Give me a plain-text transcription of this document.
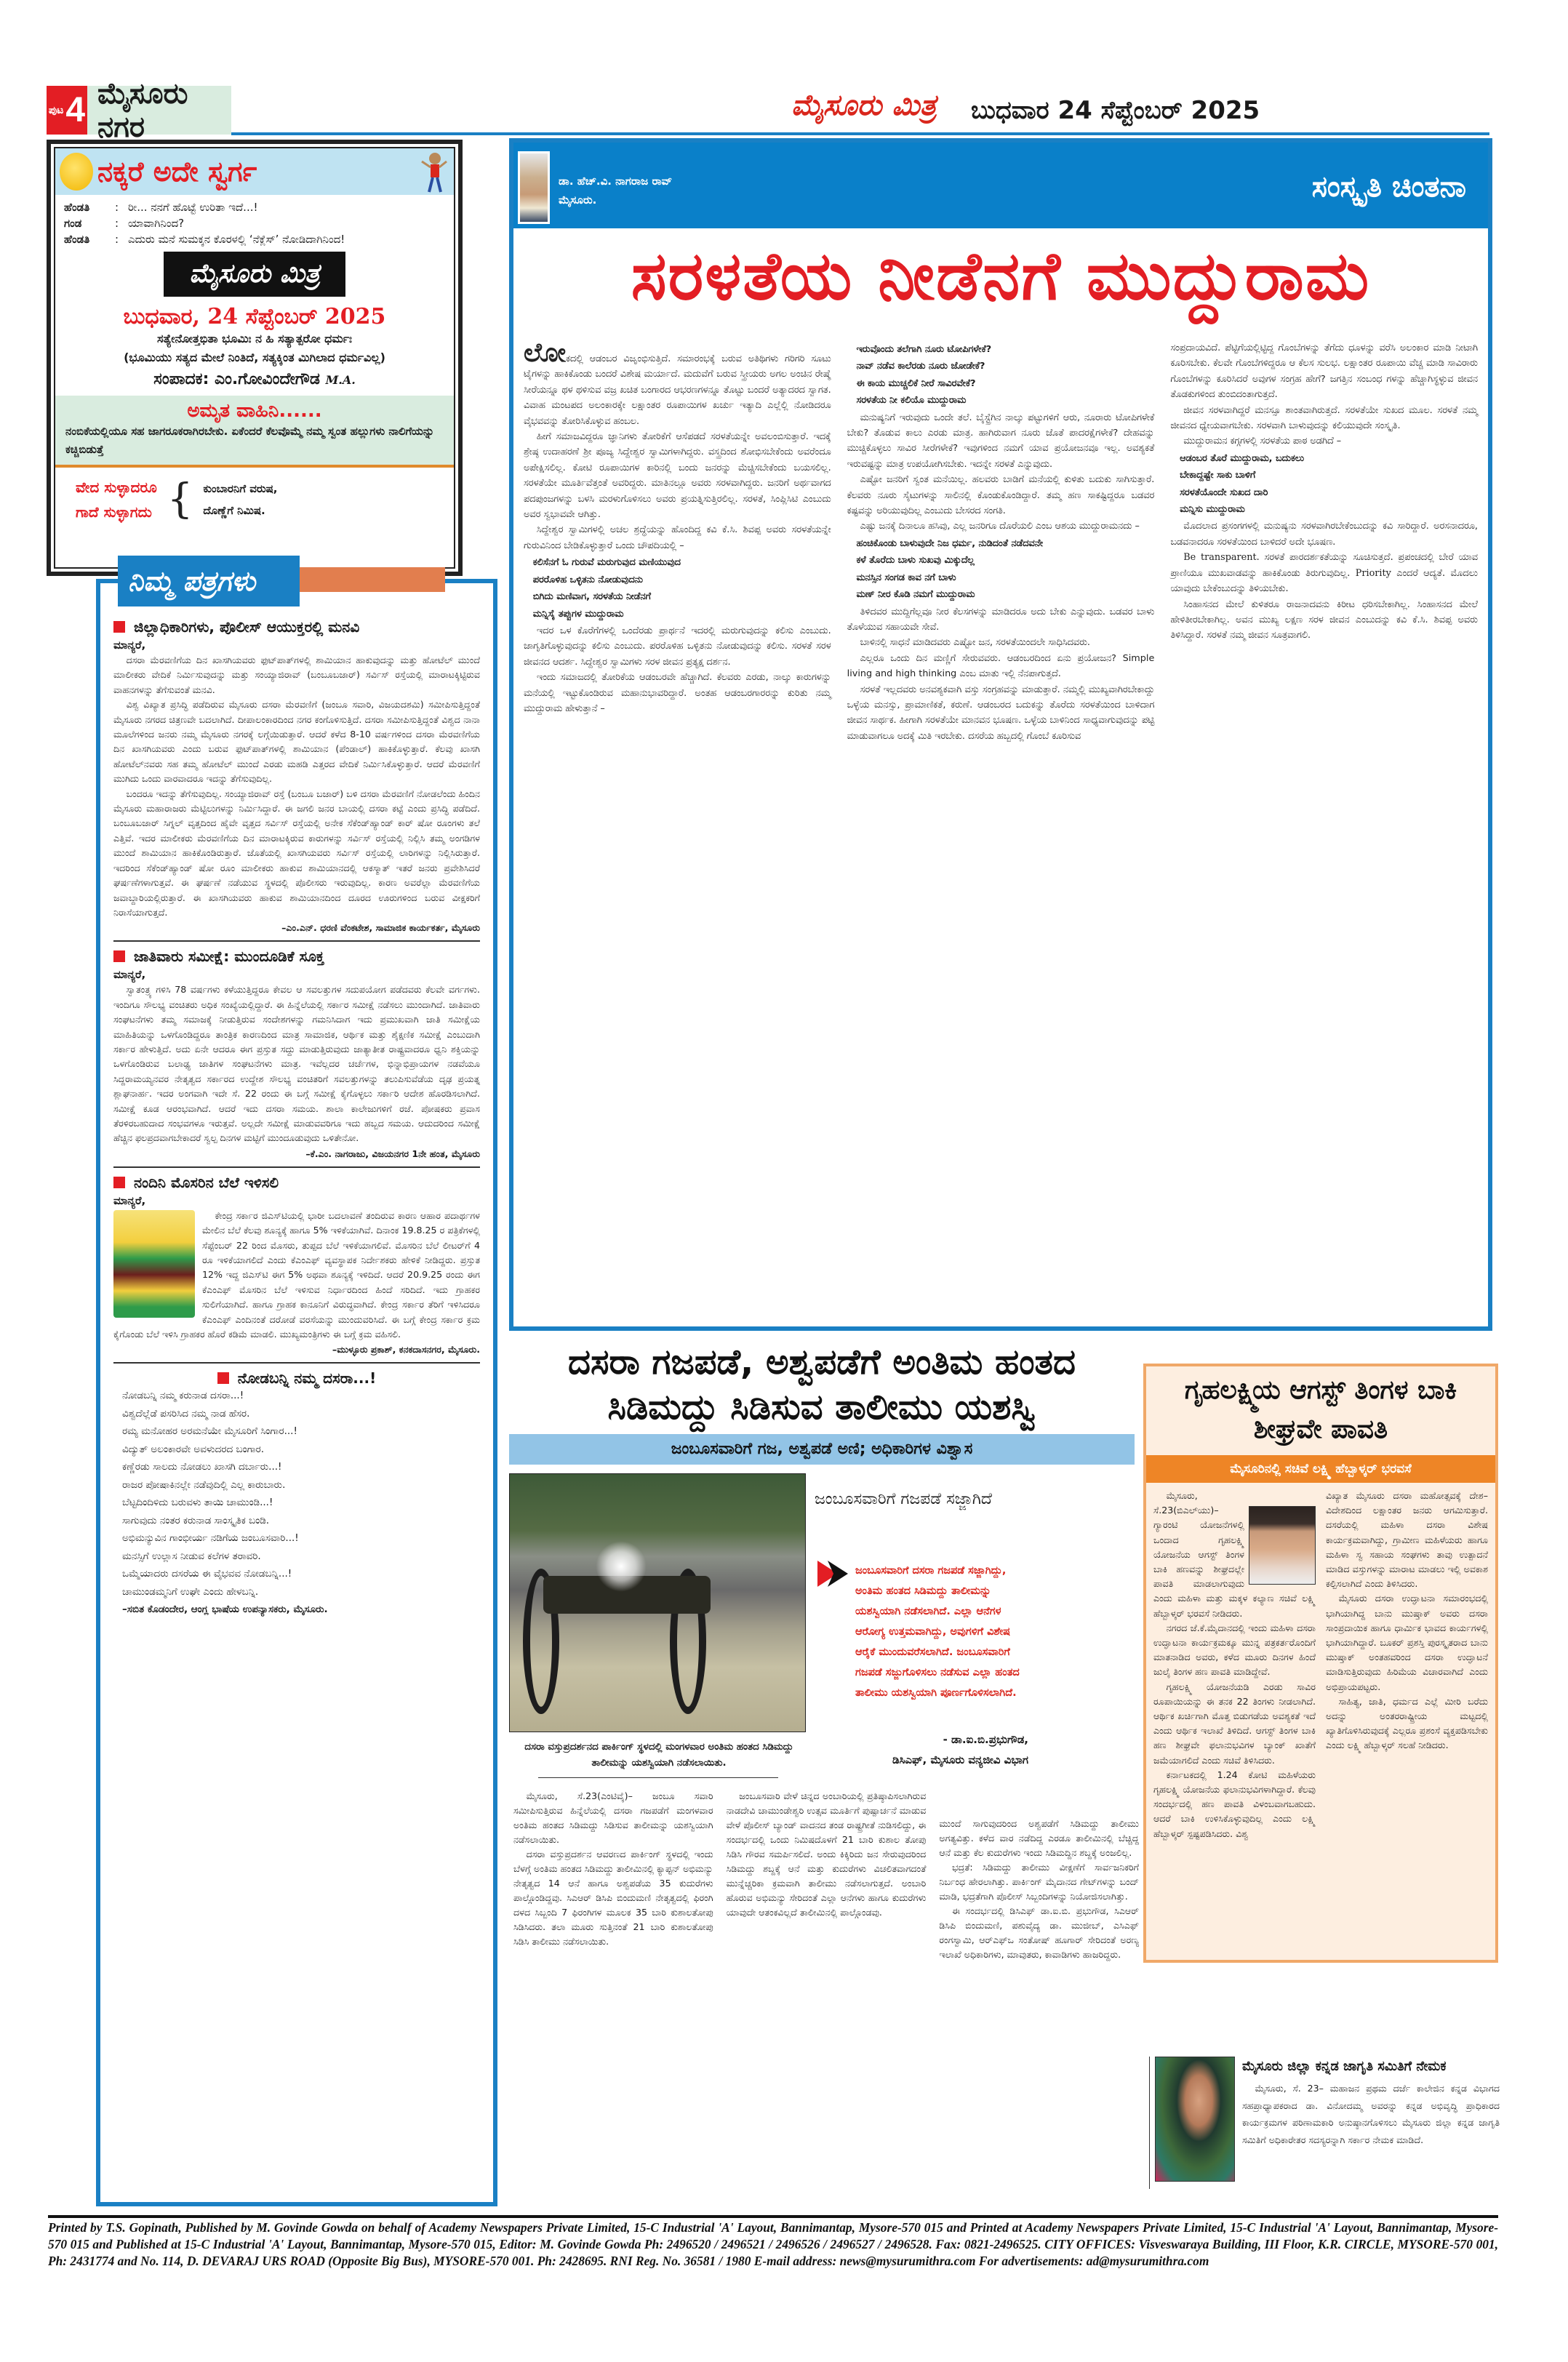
ಪುಟ 4 ಮೈಸೂರು ನಗರ
ಮೈಸೂರು ಮಿತ್ರ ಬುಧವಾರ 24 ಸೆಪ್ಟೆಂಬರ್ 2025
ನಕ್ಕರೆ ಅದೇ ಸ್ವರ್ಗ
ಹೆಂಡತಿ	: ರೀ... ನನಗೆ ಹೊಟ್ಟೆ ಉರಿತಾ ಇದೆ...!
ಗಂಡ	: ಯಾವಾಗಿನಿಂದ?
ಹೆಂಡತಿ	: ಎದುರು ಮನೆ ಸುಮಕ್ಕನ ಕೊರಳಲ್ಲಿ ‘ನೆಕ್ಲೆಸ್’ ನೋಡಿದಾಗಿನಿಂದ!
ಮೈಸೂರು ಮಿತ್ರ
ಬುಧವಾರ, 24 ಸೆಪ್ಟೆಂಬರ್ 2025
ಸತ್ಯೇನೋತ್ತಭಿತಾ ಭೂಮಿಃ ನ ಹಿ ಸತ್ಯಾತ್ಪರೋ ಧರ್ಮಃ
(ಭೂಮಿಯು ಸತ್ಯದ ಮೇಲೆ ನಿಂತಿದೆ, ಸತ್ಯಕ್ಕಿಂತ ಮಿಗಿಲಾದ ಧರ್ಮವಿಲ್ಲ)
ಸಂಪಾದಕ: ಎಂ.ಗೋವಿಂದೇಗೌಡ M.A.
ಅಮೃತ ವಾಹಿನಿ......
ನಂಬಿಕೆಯಲ್ಲಿಯೂ ಸಹ ಜಾಗರೂಕರಾಗಿರಬೇಕು. ಏಕೆಂದರೆ ಕೆಲವೊಮ್ಮೆ ನಮ್ಮ ಸ್ವಂತ ಹಲ್ಲುಗಳು ನಾಲಿಗೆಯನ್ನು ಕಚ್ಚಿಬಿಡುತ್ತೆ
ವೇದ ಸುಳ್ಳಾದರೂ
ಗಾದೆ ಸುಳ್ಳಾಗದು { ಕುಂಬಾರನಿಗೆ ವರುಷ,
ದೊಣ್ಣೆಗೆ ನಿಮಿಷ.
ಜಿಲ್ಲಾಧಿಕಾರಿಗಳು, ಪೊಲೀಸ್ ಆಯುಕ್ತರಲ್ಲಿ ಮನವಿ
ಮಾನ್ಯರೆ,

ದಸರಾ ಮೆರವಣಿಗೆಯ ದಿನ ಖಾಸಗಿಯವರು ಫುಟ್‌ಪಾತ್‌ಗಳಲ್ಲಿ ಶಾಮಿಯಾನ ಹಾಕುವುದನ್ನು ಮತ್ತು ಹೋಟೆಲ್ ಮುಂದೆ ಮಾಲೀಕರು ವೇದಿಕೆ ನಿರ್ಮಿಸುವುದನ್ನು ಮತ್ತು ಸಂಯ್ಯಾಜಿರಾವ್ (ಬಂಬೂಬಜಾರ್) ಸರ್ವಿಸ್ ರಸ್ತೆಯಲ್ಲಿ ಮಾರಾಟಕ್ಕಿಟ್ಟಿರುವ ವಾಹನಗಳನ್ನು ತೆಗೆಸುವಂತೆ ಮನವಿ.

ವಿಶ್ವ ವಿಖ್ಯಾತ ಪ್ರಸಿದ್ಧಿ ಪಡೆದಿರುವ ಮೈಸೂರು ದಸರಾ ಮೆರವಣಿಗೆ (ಜಂಬೂ ಸವಾರಿ, ವಿಜಯದಶಮಿ) ಸಮೀಪಿಸುತ್ತಿದ್ದಂತೆ ಮೈಸೂರು ನಗರದ ಚಿತ್ರಣವೇ ಬದಲಾಗಿದೆ. ದೀಪಾಲಂಕಾರದಿಂದ ನಗರ ಕಂಗೊಳಿಸುತ್ತಿದೆ. ದಸರಾ ಸಮೀಪಿಸುತ್ತಿದ್ದಂತೆ ವಿಶ್ವದ ನಾನಾ ಮೂಲೆಗಳಿಂದ ಜನರು ನಮ್ಮ ಮೈಸೂರು ನಗರಕ್ಕೆ ಲಗ್ಗೆಯಿಡುತ್ತಾರೆ. ಆದರೆ ಕಳೆದ 8-10 ವರ್ಷಗಳಿಂದ ದಸರಾ ಮೆರವಣಿಗೆಯ ದಿನ ಖಾಸಗಿಯವರು ಎಂದು ಬರುವ ಫುಟ್‌ಪಾತ್‌ಗಳಲ್ಲಿ ಶಾಮಿಯಾನ (ಪೆಂಡಾಲ್) ಹಾಕಿಕೊಳ್ಳುತ್ತಾರೆ. ಕೆಲವು ಖಾಸಗಿ ಹೋಟೆಲ್‌ನವರು ಸಹ ತಮ್ಮ ಹೋಟೆಲ್ ಮುಂದೆ ಎರಡು ಮಹಡಿ ಎತ್ತರದ ವೇದಿಕೆ ನಿರ್ಮಿಸಿಕೊಳ್ಳುತ್ತಾರೆ. ಆದರೆ ಮೆರವಣಿಗೆ ಮುಗಿದು ಒಂದು ವಾರವಾದರೂ ಇದನ್ನು ತೆಗೆಸುವುದಿಲ್ಲ.

ಬಂದರೂ ಇದನ್ನು ತೆಗೆಸುವುದಿಲ್ಲ. ಸಂಯ್ಯಾಜಿರಾವ್ ರಸ್ತೆ (ಬಂಬೂ ಬಜಾರ್) ಬಳಿ ದಸರಾ ಮೆರವಣಿಗೆ ನೋಡಲೆಂದು ಹಿಂದಿನ ಮೈಸೂರು ಮಹಾರಾಜರು ಮೆಟ್ಟಿಲುಗಳನ್ನು ನಿರ್ಮಿಸಿದ್ದಾರೆ. ಈ ಜಗಲಿ ಜನರ ಬಾಯಲ್ಲಿ ದಸರಾ ಕಟ್ಟೆ ಎಂದು ಪ್ರಸಿದ್ಧಿ ಪಡೆದಿದೆ. ಬಂಬೂಬಜಾರ್ ಸಿಗ್ನಲ್ ವೃತ್ತದಿಂದ ಹೈವೇ ವೃತ್ತದ ಸರ್ವಿಸ್ ರಸ್ತೆಯಲ್ಲಿ ಅನೇಕ ಸೆಕೆಂಡ್‌ಹ್ಯಾಂಡ್ ಕಾರ್ ಷೋ ರೂಂಗಳು ತಲೆ ಎತ್ತಿವೆ. ಇದರ ಮಾಲೀಕರು ಮೆರವಣಿಗೆಯ ದಿನ ಮಾರಾಟಕ್ಕಿರುವ ಕಾರುಗಳನ್ನು ಸರ್ವಿಸ್ ರಸ್ತೆಯಲ್ಲಿ ನಿಲ್ಲಿಸಿ ತಮ್ಮ ಅಂಗಡಿಗಳ ಮುಂದೆ ಶಾಮಿಯಾನ ಹಾಕಿಕೊಂಡಿರುತ್ತಾರೆ. ಜೊತೆಯಲ್ಲಿ ಖಾಸಗಿಯವರು ಸರ್ವಿಸ್ ರಸ್ತೆಯಲ್ಲಿ ಲಾರಿಗಳನ್ನು ನಿಲ್ಲಿಸಿರುತ್ತಾರೆ. ಇದರಿಂದ ಸೆಕೆಂಡ್‌ಹ್ಯಾಂಡ್ ಷೋ ರೂಂ ಮಾಲೀಕರು ಹಾಕುವ ಶಾಮಿಯಾನದಲ್ಲಿ ಆಕಸ್ಮಾತ್ ಇತರೆ ಜನರು ಪ್ರವೇಶಿಸಿದರೆ ಘರ್ಷಣೆಗಳಾಗುತ್ತವೆ. ಈ ಘರ್ಷಣೆ ನಡೆಯುವ ಸ್ಥಳದಲ್ಲಿ ಪೊಲೀಸರು ಇರುವುದಿಲ್ಲ. ಕಾರಣ ಅವರೆಲ್ಲಾ ಮೆರವಣಿಗೆಯ ಜವಾಬ್ದಾರಿಯಲ್ಲಿರುತ್ತಾರೆ. ಈ ಖಾಸಗಿಯವರು ಹಾಕುವ ಶಾಮಿಯಾನದಿಂದ ದೂರದ ಊರುಗಳಿಂದ ಬರುವ ವೀಕ್ಷಕರಿಗೆ ನಿರಾಸೆಯಾಗುತ್ತದೆ.

–ಎಂ.ಎನ್. ಧರಣಿ ವೆಂಕಟೇಶ, ಸಾಮಾಜಿಕ ಕಾರ್ಯಕರ್ತ, ಮೈಸೂರು
ಜಾತಿವಾರು ಸಮೀಕ್ಷೆ: ಮುಂದೂಡಿಕೆ ಸೂಕ್ತ
ಮಾನ್ಯರೆ,

ಸ್ವಾತಂತ್ರ್ಯ ಗಳಿಸಿ 78 ವರ್ಷಗಳು ಕಳೆಯುತ್ತಿದ್ದರೂ ಕೇವಲ ಆ ಸವಲತ್ತುಗಳ ಸದುಪಯೋಗ ಪಡೆದವರು ಕೆಲವೇ ವರ್ಗಗಳು. ಇಂದಿಗೂ ಸೌಲಭ್ಯ ವಂಚಿತರು ಅಧಿಕ ಸಂಖ್ಯೆಯಲ್ಲಿದ್ದಾರೆ. ಈ ಹಿನ್ನೆಲೆಯಲ್ಲಿ ಸರ್ಕಾರ ಸಮೀಕ್ಷೆ ನಡೆಸಲು ಮುಂದಾಗಿದೆ. ಜಾತಿವಾರು ಸಂಘಟನೆಗಳು ತಮ್ಮ ಸಮಾಜಕ್ಕೆ ನೀಡುತ್ತಿರುವ ಸಂದೇಶಗಳನ್ನು ಗಮನಿಸಿದಾಗ ಇದು ಪ್ರಮುಖವಾಗಿ ಜಾತಿ ಸಮೀಕ್ಷೆಯ ಮಾಹಿತಿಯನ್ನು ಒಳಗೊಂಡಿದ್ದರೂ ತಾಂತ್ರಿಕ ಕಾರಣದಿಂದ ಮಾತ್ರ ಸಾಮಾಜಿಕ, ಆರ್ಥಿಕ ಮತ್ತು ಶೈಕ್ಷಣಿಕ ಸಮೀಕ್ಷೆ ಎಂಬುದಾಗಿ ಸರ್ಕಾರ ಹೇಳುತ್ತಿದೆ. ಅದು ಏನೇ ಆದರೂ ಈಗ ಪ್ರಸ್ತುತ ಸದ್ದು ಮಾಡುತ್ತಿರುವುದು ಜಾತ್ಯಾತೀತ ರಾಷ್ಟ್ರವಾದರೂ ಧ್ವನಿ ಶಕ್ತಿಯನ್ನು ಒಳಗೊಂಡಿರುವ ಬಲಾಢ್ಯ ಜಾತಿಗಳ ಸಂಘಟನೆಗಳು ಮಾತ್ರ. ಇವೆಲ್ಲದರ ಚರ್ಚೆಗಳ, ಭಿನ್ನಾಭಿಪ್ರಾಯಗಳ ನಡವೆಯೂ ಸಿದ್ದರಾಮಯ್ಯನವರ ನೇತೃತ್ವದ ಸರ್ಕಾರದ ಉದ್ದೇಶ ಸೌಲಭ್ಯ ವಂಚಿತರಿಗೆ ಸವಲತ್ತುಗಳನ್ನು ತಲುಪಿಸುವೆಡೆಯ ದೃಢ ಪ್ರಯತ್ನ ಶ್ಲಾಘನಾರ್ಹ. ಇದರ ಅಂಗವಾಗಿ ಇದೇ ಸೆ. 22 ರಂದು ಈ ಬಗ್ಗೆ ಸಮೀಕ್ಷೆ ಕೈಗೊಳ್ಳಲು ಸರ್ಕಾರಿ ಆದೇಶ ಹೊರಡಿಸಲಾಗಿದೆ. ಸಮೀಕ್ಷೆ ಕೂಡ ಆರಂಭವಾಗಿದೆ. ಆದರೆ ಇದು ದಸರಾ ಸಮಯ. ಶಾಲಾ ಕಾಲೇಜುಗಳಿಗೆ ರಜೆ. ಪೋಷಕರು ಪ್ರವಾಸ ತೆರಳಿರಬಹುದಾದ ಸಂಭವಗಳೂ ಇರುತ್ತವೆ. ಅಲ್ಲದೇ ಸಮೀಕ್ಷೆ ಮಾಡುವವರಿಗೂ ಇದು ಹಬ್ಬದ ಸಮಯ. ಆದುದರಿಂದ ಸಮೀಕ್ಷೆ ಹೆಚ್ಚಿನ ಫಲಪ್ರದವಾಗಬೇಕಾದರೆ ಸ್ವಲ್ಪ ದಿನಗಳ ಮಟ್ಟಿಗೆ ಮುಂದೂಡುವುದು ಒಳಿತೇನೋ.

–ಕೆ.ಎಂ. ನಾಗರಾಜು, ವಿಜಯನಗರ 1ನೇ ಹಂತ, ಮೈಸೂರು
ನಂದಿನಿ ಮೊಸರಿನ ಬೆಲೆ ಇಳಿಸಲಿ
ಮಾನ್ಯರೆ,

ಕೇಂದ್ರ ಸರ್ಕಾರ ಜಿಎಸ್‌ಟಿಯಲ್ಲಿ ಭಾರೀ ಬದಲಾವಣೆ ತಂದಿರುವ ಕಾರಣ ಆಹಾರ ಪದಾರ್ಥಗಳ ಮೇಲಿನ ಬೆಲೆ ಕೆಲವು ಶೂನ್ಯಕ್ಕೆ ಹಾಗೂ 5% ಇಳಿಕೆಯಾಗಿವೆ. ದಿನಾಂಕ 19.8.25 ರ ಪತ್ರಿಕೆಗಳಲ್ಲಿ ಸೆಪ್ಟೆಂಬರ್ 22 ರಿಂದ ಮೊಸರು, ತುಪ್ಪದ ಬೆಲೆ ಇಳಿಕೆಯಾಗಲಿವೆ. ಮೊಸರಿನ ಬೆಲೆ ಲೀಟರ್‌ಗೆ 4 ರೂ ಇಳಿಕೆಯಾಗಲಿದೆ ಎಂದು ಕೆಎಂಎಫ್ ವ್ಯವಸ್ಥಾಪಕ ನಿರ್ದೇಶಕರು ಹೇಳಿಕೆ ನೀಡಿದ್ದರು. ಪ್ರಸ್ತುತ 12% ಇದ್ದ ಜಿಎಸ್‌ಟಿ ಈಗ 5% ಅಥವಾ ಶೂನ್ಯಕ್ಕೆ ಇಳಿದಿದೆ. ಆದರೆ 20.9.25 ರಂದು ಈಗ ಕೆಎಂಎಫ್ ಮೊಸರಿನ ಬೆಲೆ ಇಳಿಸುವ ನಿರ್ಧಾರದಿಂದ ಹಿಂದೆ ಸರಿದಿದೆ. ಇದು ಗ್ರಾಹಕರ ಸುಲಿಗೆಯಾಗಿದೆ. ಹಾಗೂ ಗ್ರಾಹಕ ಕಾನೂನಿಗೆ ವಿರುದ್ಧವಾಗಿದೆ. ಕೇಂದ್ರ ಸರ್ಕಾರ ತೆರಿಗೆ ಇಳಿಸಿದರೂ ಕೆಎಂಎಫ್ ಎಂದಿನಂತೆ ದರೋಡೆ ವರಸೆಯನ್ನು ಮುಂದುವರಿಸಿದೆ. ಈ ಬಗ್ಗೆ ಕೇಂದ್ರ ಸರ್ಕಾರ ಕ್ರಮ ಕೈಗೊಂಡು ಬೆಲೆ ಇಳಿಸಿ ಗ್ರಾಹಕರ ಹೊರೆ ಕಡಿಮೆ ಮಾಡಲಿ. ಮುಖ್ಯಮಂತ್ರಿಗಳು ಈ ಬಗ್ಗೆ ಕ್ರಮ ವಹಿಸಲಿ.

–ಮುಳ್ಳೂರು ಪ್ರಕಾಶ್, ಕನಕದಾಸನಗರ, ಮೈಸೂರು.
ನೋಡಬನ್ನಿ ನಮ್ಮ ದಸರಾ...!
ನೋಡಬನ್ನಿ ನಮ್ಮ ಕರುನಾಡ ದಸರಾ...!
ವಿಶ್ವದೆಲ್ಲೆಡೆ ಪಸರಿಸಿದ ನಮ್ಮ ನಾಡ ಹೆಸರ.
ರಮ್ಯ ಮನೋಹರ ಅರಮನೆಯೇ ಮೈಸೂರಿಗೆ ಸಿಂಗಾರ...!
ವಿದ್ಯುತ್ ಅಲಂಕಾರವೇ ಅವಳುದರದ ಬಂಗಾರ.
ಕಣ್ಣೆರಡು ಸಾಲದು ನೋಡಲು ಖಾಸಗಿ ದರ್ಬಾರು...!
ರಾಜರ ಪೋಷಾಕಿನಲ್ಲೇ ನಡೆವುದಿಲ್ಲಿ ಎಲ್ಲ ಕಾರುಬಾರು.
ಬೆಟ್ಟದಿಂದಿಳಿದು ಬರುವಳು ತಾಯಿ ಚಾಮುಂಡಿ...!
ಸಾಗುವುದು ನಂತರ ಕರುನಾಡ ಸಾಂಸ್ಕೃತಿಕ ಬಂಡಿ.
ಅಭಿಮನ್ಯುವಿನ ಗಾಂಭೀರ್ಯ ನಡಿಗೆಯ ಜಂಬೂಸವಾರಿ...!
ಮನಸ್ಸಿಗೆ ಉಲ್ಲಾಸ ನೀಡುವ ಕಲೆಗಳ ತರಾವರಿ.
ಒಮ್ಮೆಯಾದರು ದಸರೆಯ ಈ ವೈಭವವ ನೋಡಬನ್ನಿ...!
ಚಾಮುಂಡಮ್ಮನಿಗೆ ಉಘೇ ಎಂದು ಹೇಳಬನ್ನಿ.
–ಸಬಿತ ಕೊಡಂದೇರ, ಆಂಗ್ಲ ಭಾಷೆಯ ಉಪನ್ಯಾಸಕರು, ಮೈಸೂರು.
ನಿಮ್ಮ ಪತ್ರಗಳು
ಡಾ. ಹೆಚ್.ವಿ. ನಾಗರಾಜ ರಾವ್
ಮೈಸೂರು.	ಸಂಸ್ಕೃತಿ ಚಿಂತನಾ
ಸರಳತೆಯ ನೀಡೆನಗೆ ಮುದ್ದುರಾಮ

ಲೋಕದಲ್ಲಿ ಆಡಂಬರ ವಿಜೃಂಭಿಸುತ್ತಿದೆ. ಸಮಾರಂಭಕ್ಕೆ ಬರುವ ಅತಿಥಿಗಳು ಗರಿಗರಿ ಸೂಟು ಟೈಗಳನ್ನು ಹಾಕಿಕೊಂಡು ಬಂದರೆ ವಿಶೇಷ ಮರ್ಯಾದೆ. ಮದುವೆಗೆ ಬರುವ ಸ್ತ್ರೀಯರು ಅಗಲ ಅಂಚಿನ ರೇಷ್ಮೆ ಸೀರೆಯನ್ನೂ ಥಳ ಥಳಿಸುವ ವಜ್ರ ಖಚಿತ ಬಂಗಾರದ ಆಭರಣಗಳನ್ನೂ ತೊಟ್ಟು ಬಂದರೆ ಅತ್ಯಾದರದ ಸ್ವಾಗತ. ವಿವಾಹ ಮಂಟಪದ ಅಲಂಕಾರಕ್ಕೇ ಲಕ್ಷಾಂತರ ರೂಪಾಯಿಗಳ ಖರ್ಚು ಇತ್ಯಾದಿ ಎಲ್ಲೆಲ್ಲಿ ನೋಡಿದರೂ ವೈಭವವನ್ನು ತೋರಿಸಿಕೊಳ್ಳುವ ಹಂಬಲ.

ಹೀಗೆ ಸಮಾಜವಿದ್ದರೂ ಜ್ಞಾನಿಗಳು ತೋರಿಕೆಗೆ ಆಸೆಪಡದೆ ಸರಳತೆಯನ್ನೇ ಅವಲಂಬಿಸುತ್ತಾರೆ. ಇದಕ್ಕೆ ಶ್ರೇಷ್ಠ ಉದಾಹರಣೆ ಶ್ರೀ ಪೂಜ್ಯ ಸಿದ್ದೇಶ್ವರ ಸ್ವಾಮಿಗಳಾಗಿದ್ದರು. ವಸ್ತ್ರದಿಂದ ಶೋಭಿಸಬೇಕೆಂದು ಅವರೆಂದೂ ಅಪೇಕ್ಷಿಸಲಿಲ್ಲ. ಕೋಟಿ ರೂಪಾಯಿಗಳ ಕಾರಿನಲ್ಲಿ ಬಂದು ಜನರನ್ನು ಮೆಚ್ಚಿಸಬೇಕೆಂದು ಬಯಸಲಿಲ್ಲ. ಸರಳತೆಯೇ ಮೂರ್ತಿವೆತ್ತಂತೆ ಅವರಿದ್ದರು. ಮಾತಿನಲ್ಲೂ ಅವರು ಸರಳವಾಗಿದ್ದರು. ಜನರಿಗೆ ಅರ್ಥವಾಗದ ಪದಪುಂಜಗಳನ್ನು ಬಳಸಿ ಮರಳುಗೊಳಿಸಲು ಅವರು ಪ್ರಯತ್ನಿಸುತ್ತಿರಲಿಲ್ಲ. ಸರಳತೆ, ಸಿಂಪ್ಲಿಸಿಟಿ ಎಂಬುದು ಅವರ ಸ್ವಭಾವವೇ ಆಗಿತ್ತು.

ಸಿದ್ದೇಶ್ವರ ಸ್ವಾಮಿಗಳಲ್ಲಿ ಅಚಲ ಶ್ರದ್ಧೆಯನ್ನು ಹೊಂದಿದ್ದ ಕವಿ ಕೆ.ಸಿ. ಶಿವಪ್ಪ ಅವರು ಸರಳತೆಯನ್ನೇ ಗುರುವಿನಿಂದ ಬೇಡಿಕೊಳ್ಳುತ್ತಾರೆ ಒಂದು ಚೌಪದಿಯಲ್ಲಿ –

ಕಲಿಸೆನಗೆ ಓ ಗುರುವೆ ಮರುಗುವುದ ಮಣಿಯುವುದ
ಪರರೊಳಿಹ ಒಳ್ಳಿತನು ನೋಡುವುದನು
ಬಿಗಿದು ಮಣಿವಾಗ, ಸರಳತೆಯ ನೀಡೆನಗೆ
ಮನ್ನಿಸೈ ತಪ್ಪುಗಳ ಮುದ್ದುರಾಮ

ಇದರ ಒಳ ಕೊರೆಗೆಗಳಲ್ಲಿ ಒಂದೆರಡು ಪ್ರಾರ್ಥನೆ ಇದರಲ್ಲಿ ಮರುಗುವುದನ್ನು ಕಲಿಸು ಎಂಬುದು. ಜಾಗೃತಿಗೊಳ್ಳುವುದನ್ನು ಕಲಿಸು ಎಂಬುದು. ಪರರೊಳಿಹ ಒಳ್ಳಿತನು ನೋಡುವುದನ್ನು ಕಲಿಸು. ಸರಳತೆ ಸರಳ ಜೀವನದ ಆದರ್ಶ. ಸಿದ್ದೇಶ್ವರ ಸ್ವಾಮಿಗಳು ಸರಳ ಜೀವನ ಪ್ರತ್ಯಕ್ಷ ದರ್ಶನ.

ಇಂದು ಸಮಾಜದಲ್ಲಿ ತೋರಿಕೆಯ ಆಡಂಬರವೇ ಹೆಚ್ಚಾಗಿದೆ. ಕೆಲವರು ಎರಡು, ನಾಲ್ಕು ಕಾರುಗಳನ್ನು ಮನೆಯಲ್ಲಿ ಇಟ್ಟುಕೊಂಡಿರುವ ಮಹಾನುಭಾವರಿದ್ದಾರೆ. ಅಂತಹ ಆಡಂಬರಗಾರರನ್ನು ಕುರಿತು ನಮ್ಮ ಮುದ್ದುರಾಮ ಹೇಳುತ್ತಾನೆ –

ಇರುವೊಂದು ತಲೆಗಾಗಿ ನೂರು ಟೋಪಿಗಳೇಕೆ?
ನಾವ್ ನಡೆವ ಕಾಲೆರಡು ನೂರು ಜೋಡೇಕೆ?
ಈ ಕಾಯ ಮುಚ್ಚಲಿಕೆ ನೀರೆ ಸಾವಿರವೇಕೆ?
ಸರಳತೆಯ ನೀ ಕಲಿಯೊ ಮುದ್ದುರಾಮ

ಮನುಷ್ಯನಿಗೆ ಇರುವುದು ಒಂದೇ ತಲೆ. ಬೈಸ್ಟ್ರೆಗಿನ ನಾಲ್ಕು ಪಟ್ಟುಗಳಿಗೆ ಆರು, ನೂರಾರು ಟೋಪಿಗಳೇಕೆ ಬೇಕು? ತೊಡುವ ಕಾಲು ಎರಡು ಮಾತ್ರ. ಹಾಗಿರುವಾಗ ನೂರು ಜೊತೆ ಪಾದರಕ್ಷೆಗಳೇಕೆ? ದೇಹವನ್ನು ಮುಚ್ಚಿಕೊಳ್ಳಲು ಸಾವಿರ ಸೀರೆಗಳೇಕೆ? ಇವುಗಳಿಂದ ನಮಗೆ ಯಾವ ಪ್ರಯೋಜನವೂ ಇಲ್ಲ. ಅವಶ್ಯಕತೆ ಇರುವಷ್ಟನ್ನು ಮಾತ್ರ ಉಪಯೋಗಿಸಬೇಕು. ಇದನ್ನೇ ಸರಳತೆ ಎನ್ನುವುದು.

ಎಷ್ಟೋ ಜನರಿಗೆ ಸ್ವಂತ ಮನೆಯಿಲ್ಲ. ಹಲವರು ಬಾಡಿಗೆ ಮನೆಯಲ್ಲಿ ಕುಳಿತು ಬದುಕು ಸಾಗಿಸುತ್ತಾರೆ. ಕೆಲವರು ನೂರು ಸೈಟುಗಳನ್ನು ಸಾಲಿನಲ್ಲಿ ಕೊಂಡುಕೊಂಡಿದ್ದಾರೆ. ತಮ್ಮ ಹಣ ಸಾಕಷ್ಟಿದ್ದರೂ ಬಡವರ ಕಷ್ಟವನ್ನು ಅರಿಯುವುದಿಲ್ಲ ಎಂಬುದು ಬೇಸರದ ಸಂಗತಿ.

ಎಷ್ಟು ಜನಕ್ಕೆ ದಿನಾಲೂ ಹಸಿವು, ಎಲ್ಲ ಜನರಿಗೂ ದೊರೆಯಲಿ ಎಂಬ ಆಶಯ ಮುದ್ದುರಾಮನದು –

ಹಂಚಿಕೊಂಡು ಬಾಳುವುದೇ ನಿಜ ಧರ್ಮ, ನುಡಿದಂತೆ ನಡೆದವನೇ
ಕಳೆ ತೊರೆದು ಬಾಳು ಸುಖವು ಮಿಕ್ಕುದೆಲ್ಲ
ಮನಸ್ಸಿನ ಸಂಗಡ ಕಾವ ನಗೆ ಬಾಳು
ಮಣ್ ನೀರ ಕೊಡಿ ನಮಗೆ ಮುದ್ದುರಾಮ

ತಿಳಿದವರ ಮುದ್ದಿಗೆಲ್ಲವೂ ನೀರ ಕೆಲಸಗಳನ್ನು ಮಾಡಿದರೂ ಅದು ಬೇಕು ಎನ್ನುವುದು. ಬಡವರ ಬಾಳು ತೊಳೆಯುವ ಸಹಾಯವೇ ಸೇವೆ.

ಬಾಳಿನಲ್ಲಿ ಸಾಧನೆ ಮಾಡಿದವರು ಎಷ್ಟೋ ಜನ, ಸರಳತೆಯಿಂದಲೇ ಸಾಧಿಸಿದವರು.

ಎಲ್ಲರೂ ಒಂದು ದಿನ ಮಣ್ಣಿಗೆ ಸೇರುವವರು. ಆಡಂಬರದಿಂದ ಏನು ಪ್ರಯೋಜನ? Simple living and high thinking ಎಂಬ ಮಾತು ಇಲ್ಲಿ ನೆನಪಾಗುತ್ತದೆ.

ಸರಳತೆ ಇಲ್ಲದವರು ಅನವಶ್ಯಕವಾಗಿ ವಸ್ತು ಸಂಗ್ರಹವನ್ನು ಮಾಡುತ್ತಾರೆ. ನಮ್ಮಲ್ಲಿ ಮುಖ್ಯವಾಗಿರಬೇಕಾದ್ದು ಒಳ್ಳೆಯ ಮನಸ್ಸು, ಪ್ರಾಮಾಣಿಕತೆ, ಕರುಣೆ. ಆಡಂಬರದ ಬದುಕನ್ನು ತೊರೆದು ಸರಳತೆಯಿಂದ ಬಾಳಿದಾಗ ಜೀವನ ಸಾರ್ಥಕ. ಹೀಗಾಗಿ ಸರಳತೆಯೇ ಮಾನವನ ಭೂಷಣ. ಒಳ್ಳೆಯ ಬಾಳಿನಿಂದ ಸಾಧ್ಯವಾಗುವುದನ್ನು ಪಟ್ಟಿ ಮಾಡುವಾಗಲೂ ಅದಕ್ಕೆ ಮಿತಿ ಇರಬೇಕು. ದಸರೆಯ ಹಬ್ಬದಲ್ಲಿ ಗೊಂಬೆ ಕೂರಿಸುವ

ಸಂಪ್ರದಾಯವಿದೆ. ಪೆಟ್ಟಿಗೆಯಲ್ಲಿಟ್ಟಿದ್ದ ಗೊಂಬೆಗಳನ್ನು ತೆಗೆದು ಧೂಳನ್ನು ವರೆಸಿ ಅಲಂಕಾರ ಮಾಡಿ ನೀಟಾಗಿ ಕೂರಿಸಬೇಕು. ಕೆಲವೇ ಗೊಂಬೆಗಳಿದ್ದರೂ ಆ ಕೆಲಸ ಸುಲಭ. ಲಕ್ಷಾಂತರ ರೂಪಾಯಿ ವೆಚ್ಚ ಮಾಡಿ ಸಾವಿರಾರು ಗೊಂಬೆಗಳನ್ನು ಕೂರಿಸಿದರೆ ಅವುಗಳ ಸಂಗ್ರಹ ಹೇಗೆ? ಜಗತ್ತಿನ ಸಂಬಂಧ ಗಳನ್ನು ಹೆಚ್ಚಾಗಿಸ್ಥಳ್ಳುವ ಜೀವನ ತೊಡಕುಗಳಿಂದ ತುಂಬಿದಂತಾಗುತ್ತದೆ.

ಜೀವನ ಸರಳವಾಗಿದ್ದರೆ ಮನಸ್ಸೂ ಶಾಂತವಾಗಿರುತ್ತದೆ. ಸರಳತೆಯೇ ಸುಖದ ಮೂಲ. ಸರಳತೆ ನಮ್ಮ ಜೀವನದ ಧ್ಯೇಯವಾಗಬೇಕು. ಸರಳವಾಗಿ ಬಾಳುವುದನ್ನು ಕಲಿಯುವುದೇ ಸಂಸ್ಕೃತಿ.

ಮುದ್ದುರಾಮನ ಕಗ್ಗಗಳಲ್ಲಿ ಸರಳತೆಯ ಪಾಠ ಅಡಗಿದೆ –

ಆಡಂಬರ ತೊರೆ ಮುದ್ದುರಾಮ, ಬದುಕಲು
ಬೇಕಾದ್ದಷ್ಟೇ ಸಾಕು ಬಾಳಿಗೆ
ಸರಳತೆಯೊಂದೇ ಸುಖದ ದಾರಿ
ಮನ್ನಿಸು ಮುದ್ದುರಾಮ

ಮೊದಲಾದ ಪ್ರಸಂಗಗಳಲ್ಲಿ ಮನುಷ್ಯನು ಸರಳವಾಗಿರಬೇಕೆಂಬುದನ್ನು ಕವಿ ಸಾರಿದ್ದಾರೆ. ಅರಸನಾದರೂ, ಬಡವನಾದರೂ ಸರಳತೆಯಿಂದ ಬಾಳಿದರೆ ಅದೇ ಭೂಷಣ.

Be transparent. ಸರಳತೆ ಪಾರದರ್ಶಕತೆಯನ್ನು ಸೂಚಿಸುತ್ತದೆ. ಪ್ರಪಂಚದಲ್ಲಿ ಬೇರೆ ಯಾವ ಪ್ರಾಣಿಯೂ ಮುಖವಾಡವನ್ನು ಹಾಕಿಕೊಂಡು ತಿರುಗುವುದಿಲ್ಲ. Priority ಎಂದರೆ ಆದ್ಯತೆ. ಮೊದಲು ಯಾವುದು ಬೇಕೆಂಬುದನ್ನು ತಿಳಿಯಬೇಕು.

ಸಿಂಹಾಸನದ ಮೇಲೆ ಕುಳಿತರೂ ರಾಜನಾದವನು ಕಿರೀಟ ಧರಿಸಬೇಕಾಗಿಲ್ಲ. ಸಿಂಹಾಸನದ ಮೇಲೆ ಹೇಳಿತೀರಬೇಕಾಗಿಲ್ಲ. ಅವನ ಮುಖ್ಯ ಲಕ್ಷಣ ಸರಳ ಜೀವನ ಎಂಬುದನ್ನು ಕವಿ ಕೆ.ಸಿ. ಶಿವಪ್ಪ ಅವರು ತಿಳಿಸಿದ್ದಾರೆ. ಸರಳತೆ ನಮ್ಮ ಜೀವನ ಸೂತ್ರವಾಗಲಿ.

ದಸರಾ ಗಜಪಡೆ, ಅಶ್ವಪಡೆಗೆ ಅಂತಿಮ ಹಂತದ ಸಿಡಿಮದ್ದು ಸಿಡಿಸುವ ತಾಲೀಮು ಯಶಸ್ವಿ
ಜಂಬೂಸವಾರಿಗೆ ಗಜ, ಅಶ್ವಪಡೆ ಅಣಿ; ಅಧಿಕಾರಿಗಳ ವಿಶ್ವಾಸ
ದಸರಾ ವಸ್ತುಪ್ರದರ್ಶನದ ಪಾರ್ಕಿಂಗ್ ಸ್ಥಳದಲ್ಲಿ ಮಂಗಳವಾರ ಅಂತಿಮ ಹಂತದ ಸಿಡಿಮದ್ದು ತಾಲೀಮನ್ನು ಯಶಸ್ವಿಯಾಗಿ ನಡೆಸಲಾಯಿತು.
ಜಂಬೂಸವಾರಿಗೆ ಗಜಪಡೆ ಸಜ್ಜಾಗಿದೆ
ಜಂಬೂಸವಾರಿಗೆ ದಸರಾ ಗಜಪಡೆ ಸಜ್ಜಾಗಿದ್ದು, ಅಂತಿಮ ಹಂತದ ಸಿಡಿಮದ್ದು ತಾಲೀಮನ್ನು ಯಶಸ್ವಿಯಾಗಿ ನಡೆಸಲಾಗಿದೆ. ಎಲ್ಲಾ ಆನೆಗಳ ಆರೋಗ್ಯ ಉತ್ತಮವಾಗಿದ್ದು, ಅವುಗಳಿಗೆ ವಿಶೇಷ ಆರೈಕೆ ಮುಂದುವರೆಸಲಾಗಿದೆ. ಜಂಬೂಸವಾರಿಗೆ ಗಜಪಡೆ ಸಜ್ಜುಗೊಳಿಸಲು ನಡೆಸುವ ಎಲ್ಲಾ ಹಂತದ ತಾಲೀಮು ಯಶಸ್ವಿಯಾಗಿ ಪೂರ್ಣಗೊಳಿಸಲಾಗಿದೆ.
- ಡಾ.ಐ.ಬಿ.ಪ್ರಭುಗೌಡ,
ಡಿಸಿಎಫ್, ಮೈಸೂರು ವನ್ಯಜೀವಿ ವಿಭಾಗ

ಮೈಸೂರು, ಸೆ.23(ಎಂಟಿವೈ)– ಜಂಬೂ ಸವಾರಿ ಸಮೀಪಿಸುತ್ತಿರುವ ಹಿನ್ನೆಲೆಯಲ್ಲಿ ದಸರಾ ಗಜಪಡೆಗೆ ಮಂಗಳವಾರ ಅಂತಿಮ ಹಂತದ ಸಿಡಿಮದ್ದು ಸಿಡಿಸುವ ತಾಲೀಮನ್ನು ಯಶಸ್ವಿಯಾಗಿ ನಡೆಸಲಾಯಿತು.

ದಸರಾ ವಸ್ತುಪ್ರದರ್ಶನ ಆವರಣದ ಪಾರ್ಕಿಂಗ್ ಸ್ಥಳದಲ್ಲಿ ಇಂದು ಬೆಳಗ್ಗೆ ಅಂತಿಮ ಹಂತದ ಸಿಡಿಮದ್ದು ತಾಲೀಮಿನಲ್ಲಿ ಕ್ಯಾಪ್ಟನ್ ಅಭಿಮನ್ಯು ನೇತೃತ್ವದ 14 ಆನೆ ಹಾಗೂ ಅಶ್ವಪಡೆಯ 35 ಕುದುರೆಗಳು ಪಾಲ್ಗೊಂಡಿದ್ದವು. ಸಿಎಆರ್ ಡಿಸಿಪಿ ಬಿಂದುಮಣಿ ನೇತೃತ್ವದಲ್ಲಿ ಫಿರಂಗಿ ದಳದ ಸಿಬ್ಬಂದಿ 7 ಫಿರಂಗಿಗಳ ಮೂಲಕ 35 ಬಾರಿ ಕುಶಾಲತೋಪು ಸಿಡಿಸಿದರು. ತಲಾ ಮೂರು ಸುತ್ತಿನಂತೆ 21 ಬಾರಿ ಕುಶಾಲತೋಪು ಸಿಡಿಸಿ ತಾಲೀಮು ನಡೆಸಲಾಯಿತು.

ಜಂಬೂಸವಾರಿ ವೇಳೆ ಚಿನ್ನದ ಅಂಬಾರಿಯಲ್ಲಿ ಪ್ರತಿಷ್ಠಾಪಿಸಲಾಗಿರುವ ನಾಡದೇವಿ ಚಾಮುಂಡೇಶ್ವರಿ ಉತ್ಸವ ಮೂರ್ತಿಗೆ ಪುಷ್ಪಾರ್ಚನೆ ಮಾಡುವ ವೇಳೆ ಪೊಲೀಸ್ ಬ್ಯಾಂಡ್ ವಾದನದ ತಂಡ ರಾಷ್ಟ್ರಗೀತೆ ನುಡಿಸಲಿದ್ದು, ಈ ಸಂದರ್ಭದಲ್ಲಿ ಒಂದು ನಿಮಿಷದೊಳಗೆ 21 ಬಾರಿ ಕುಶಾಲ ತೋಪು ಸಿಡಿಸಿ ಗೌರವ ಸಮರ್ಪಿಸಲಿದೆ. ಅಂದು ಕಿಕ್ಕಿರಿದು ಜನ ಸೇರುವುದರಿಂದ ಸಿಡಿಮದ್ದು ಶಬ್ದಕ್ಕೆ ಆನೆ ಮತ್ತು ಕುದುರೆಗಳು ವಿಚಲಿತವಾಗದಂತೆ ಮುನ್ನೆಚ್ಚರಿಕಾ ಕ್ರಮವಾಗಿ ತಾಲೀಮು ನಡೆಸಲಾಗುತ್ತದೆ. ಅಂಬಾರಿ ಹೊರುವ ಅಭಿಮನ್ಯು ಸೇರಿದಂತೆ ಎಲ್ಲಾ ಆನೆಗಳು ಹಾಗೂ ಕುದುರೆಗಳು ಯಾವುದೇ ಆತಂಕವಿಲ್ಲದೆ ತಾಲೀಮಿನಲ್ಲಿ ಪಾಲ್ಗೊಂಡವು.

ಮುಂದೆ ಸಾಗುವುದರಿಂದ ಅಶ್ವಪಡೆಗೆ ಸಿಡಿಮದ್ದು ತಾಲೀಮು ಅಗತ್ಯವಿತ್ತು. ಕಳೆದ ವಾರ ನಡೆದಿದ್ದ ಎರಡೂ ತಾಲೀಮಿನಲ್ಲಿ ಬೆಚ್ಚಿದ್ದ ಆನೆ ಮತ್ತು ಕೆಲ ಕುದುರೆಗಳು ಇಂದು ಸಿಡಿಮದ್ದಿನ ಶಬ್ದಕ್ಕೆ ಅಂಜಲಿಲ್ಲ.

ಭದ್ರತೆ: ಸಿಡಿಮದ್ದು ತಾಲೀಮು ವೀಕ್ಷಣೆಗೆ ಸಾರ್ವಜನಿಕರಿಗೆ ನಿರ್ಬಂಧ ಹೇರಲಾಗಿತ್ತು. ಪಾರ್ಕಿಂಗ್ ಮೈದಾನದ ಗೇಟ್‌ಗಳನ್ನು ಬಂದ್ ಮಾಡಿ, ಭದ್ರತೆಗಾಗಿ ಪೊಲೀಸ್ ಸಿಬ್ಬಂದಿಗಳನ್ನು ನಿಯೋಜಿಸಲಾಗಿತ್ತು.

ಈ ಸಂದರ್ಭದಲ್ಲಿ ಡಿಸಿಎಫ್ ಡಾ.ಐ.ಬಿ. ಪ್ರಭುಗೌಡ, ಸಿಎಆರ್ ಡಿಸಿಪಿ ಬಿಂದುಮಣಿ, ಪಶುವೈದ್ಯ ಡಾ. ಮುಜೀಬ್, ಎಸಿಎಫ್ ರಂಗಸ್ವಾಮಿ, ಆರ್‌ಎಫ್‌ಒ ಸಂತೋಷ್ ಹೂಗಾರ್ ಸೇರಿದಂತೆ ಅರಣ್ಯ ಇಲಾಖೆ ಅಧಿಕಾರಿಗಳು, ಮಾವುತರು, ಕಾವಾಡಿಗಳು ಹಾಜರಿದ್ದರು.

ಗೃಹಲಕ್ಷ್ಮಿಯ ಆಗಸ್ಟ್ ತಿಂಗಳ ಬಾಕಿ ಶೀಘ್ರವೇ ಪಾವತಿ
ಮೈಸೂರಿನಲ್ಲಿ ಸಚಿವೆ ಲಕ್ಷ್ಮಿ ಹೆಬ್ಬಾಳ್ಕರ್ ಭರವಸೆ

ಮೈಸೂರು, ಸೆ.23(ಬಿಎಲ್‌ಯು)– ಗ್ಯಾರಂಟಿ ಯೋಜನೆಗಳಲ್ಲಿ ಒಂದಾದ ಗೃಹಲಕ್ಷ್ಮಿ ಯೋಜನೆಯ ಆಗಸ್ಟ್ ತಿಂಗಳ ಬಾಕಿ ಹಣವನ್ನು ಶೀಘ್ರದಲ್ಲೇ ಪಾವತಿ ಮಾಡಲಾಗುವುದು ಎಂದು ಮಹಿಳಾ ಮತ್ತು ಮಕ್ಕಳ ಕಲ್ಯಾಣ ಸಚಿವೆ ಲಕ್ಷ್ಮಿ ಹೆಬ್ಬಾಳ್ಕರ್ ಭರವಸೆ ನೀಡಿದರು.

ನಗರದ ಜೆ.ಕೆ.ಮೈದಾನದಲ್ಲಿ ಇಂದು ಮಹಿಳಾ ದಸರಾ ಉದ್ಘಾಟನಾ ಕಾರ್ಯಕ್ರಮಕ್ಕೂ ಮುನ್ನ ಪತ್ರಕರ್ತರೊಂದಿಗೆ ಮಾತನಾಡಿದ ಅವರು, ಕಳೆದ ಮೂರು ದಿನಗಳ ಹಿಂದೆ ಜುಲೈ ತಿಂಗಳ ಹಣ ಪಾವತಿ ಮಾಡಿದ್ದೇವೆ.

ಗೃಹಲಕ್ಷ್ಮಿ ಯೋಜನೆಯಡಿ ಎರಡು ಸಾವಿರ ರೂಪಾಯಿಯನ್ನು ಈ ತನಕ 22 ತಿಂಗಳು ನೀಡಲಾಗಿದೆ. ಆರ್ಥಿಕ ಖರ್ಚಿಗಾಗಿ ಮೊತ್ತ ಬಿಡುಗಡೆಯ ಅವಶ್ಯಕತೆ ಇದೆ ಎಂದು ಆರ್ಥಿಕ ಇಲಾಖೆ ತಿಳಿದಿದೆ. ಆಗಸ್ಟ್ ತಿಂಗಳ ಬಾಕಿ ಹಣ ಶೀಘ್ರವೇ ಫಲಾನುಭವಿಗಳ ಬ್ಯಾಂಕ್ ಖಾತೆಗೆ ಜಮೆಯಾಗಲಿದೆ ಎಂದು ಸಚಿವೆ ತಿಳಿಸಿದರು.

ಕರ್ನಾಟಕದಲ್ಲಿ 1.24 ಕೋಟಿ ಮಹಿಳೆಯರು ಗೃಹಲಕ್ಷ್ಮಿ ಯೋಜನೆಯ ಫಲಾನುಭವಿಗಳಾಗಿದ್ದಾರೆ. ಕೆಲವು ಸಂದರ್ಭದಲ್ಲಿ ಹಣ ಪಾವತಿ ವಿಳಂಬವಾಗಬಹುದು. ಆದರೆ ಬಾಕಿ ಉಳಿಸಿಕೊಳ್ಳುವುದಿಲ್ಲ ಎಂದು ಲಕ್ಷ್ಮಿ ಹೆಬ್ಬಾಳ್ಕರ್ ಸ್ಪಷ್ಟಪಡಿಸಿದರು. ವಿಶ್ವ

ವಿಖ್ಯಾತ ಮೈಸೂರು ದಸರಾ ಮಹೋತ್ಸವಕ್ಕೆ ದೇಶ–ವಿದೇಶದಿಂದ ಲಕ್ಷಾಂತರ ಜನರು ಆಗಮಿಸುತ್ತಾರೆ. ದಸರೆಯಲ್ಲಿ ಮಹಿಳಾ ದಸರಾ ವಿಶೇಷ ಕಾರ್ಯಕ್ರಮವಾಗಿದ್ದು, ಗ್ರಾಮೀಣ ಮಹಿಳೆಯರು ಹಾಗೂ ಮಹಿಳಾ ಸ್ವ ಸಹಾಯ ಸಂಘಗಳು ತಾವು ಉತ್ಪಾದನೆ ಮಾಡಿದ ವಸ್ತುಗಳನ್ನು ಮಾರಾಟ ಮಾಡಲು ಇಲ್ಲಿ ಅವಕಾಶ ಕಲ್ಪಿಸಲಾಗಿದೆ ಎಂದು ತಿಳಿಸಿದರು.

ಮೈಸೂರು ದಸರಾ ಉದ್ಘಾಟನಾ ಸಮಾರಂಭದಲ್ಲಿ ಭಾಗಿಯಾಗಿದ್ದ ಬಾನು ಮುಷ್ತಾಕ್ ಅವರು ದಸರಾ ಸಾಂಪ್ರದಾಯಿಕ ಹಾಗೂ ಧಾರ್ಮಿಕ ಭಾವದ ಕಾರ್ಯಗಳಲ್ಲಿ ಭಾಗಿಯಾಗಿದ್ದಾರೆ. ಬೂಕರ್ ಪ್ರಶಸ್ತಿ ಪುರಸ್ಕೃತರಾದ ಬಾನು ಮುಷ್ತಾಕ್ ಅಂತಹವರಿಂದ ದಸರಾ ಉದ್ಘಾಟನೆ ಮಾಡಿಸುತ್ತಿರುವುದು ಹಿರಿಮೆಯ ವಿಚಾರವಾಗಿದೆ ಎಂದು ಅಭಿಪ್ರಾಯಪಟ್ಟರು.

ಸಾಹಿತ್ಯ, ಜಾತಿ, ಧರ್ಮದ ಎಲ್ಲೆ ಮೀರಿ ಬರೆದು ಅದನ್ನು ಅಂತರರಾಷ್ಟ್ರೀಯ ಮಟ್ಟದಲ್ಲಿ ಖ್ಯಾತಿಗೊಳಿಸಿರುವುದಕ್ಕೆ ಎಲ್ಲರೂ ಪ್ರಶಂಸೆ ವ್ಯಕ್ತಪಡಿಸಬೇಕು ಎಂದು ಲಕ್ಷ್ಮಿ ಹೆಬ್ಬಾಳ್ಕರ್ ಸಲಹೆ ನೀಡಿದರು.

ಮೈಸೂರು ಜಿಲ್ಲಾ ಕನ್ನಡ ಜಾಗೃತಿ ಸಮಿತಿಗೆ ನೇಮಕ
ಮೈಸೂರು, ಸೆ. 23– ಮಹಾಜನ ಪ್ರಥಮ ದರ್ಜೆ ಕಾಲೇಜಿನ ಕನ್ನಡ ವಿಭಾಗದ ಸಹಪ್ರಾಧ್ಯಾಪಕರಾದ ಡಾ. ವಿನೋದಮ್ಮ ಅವರನ್ನು ಕನ್ನಡ ಅಭಿವೃದ್ಧಿ ಪ್ರಾಧಿಕಾರದ ಕಾರ್ಯಕ್ರಮಗಳ ಪರಿಣಾಮಕಾರಿ ಅನುಷ್ಠಾನಗೊಳಿಸಲು ಮೈಸೂರು ಜಿಲ್ಲಾ ಕನ್ನಡ ಜಾಗೃತಿ ಸಮಿತಿಗೆ ಅಧಿಕಾರೇತರ ಸದಸ್ಯರನ್ನಾಗಿ ಸರ್ಕಾರ ನೇಮಕ ಮಾಡಿದೆ.
Printed by T.S. Gopinath, Published by M. Govinde Gowda on behalf of Academy Newspapers Private Limited, 15-C Industrial 'A' Layout, Bannimantap, Mysore-570 015 and Printed at Academy Newspapers Private Limited, 15-C Industrial 'A' Layout, Bannimantap, Mysore-570 015 and Published at 15-C Industrial 'A' Layout, Bannimantap, Mysore-570 015, Editor: M. Govinde Gowda Ph: 2496520 / 2496521 / 2496526 / 2496527 / 2496528. Fax: 0821-2496525. CITY OFFICES: Visveswaraya Building, III Floor, K.R. CIRCLE, MYSORE-570 001, Ph: 2431774 and No. 114, D. DEVARAJ URS ROAD (Opposite Big Bus), MYSORE-570 001. Ph: 2428695. RNI Reg. No. 36581 / 1980 E-mail address: news@mysurumithra.com For advertisements: ad@mysurumithra.com
